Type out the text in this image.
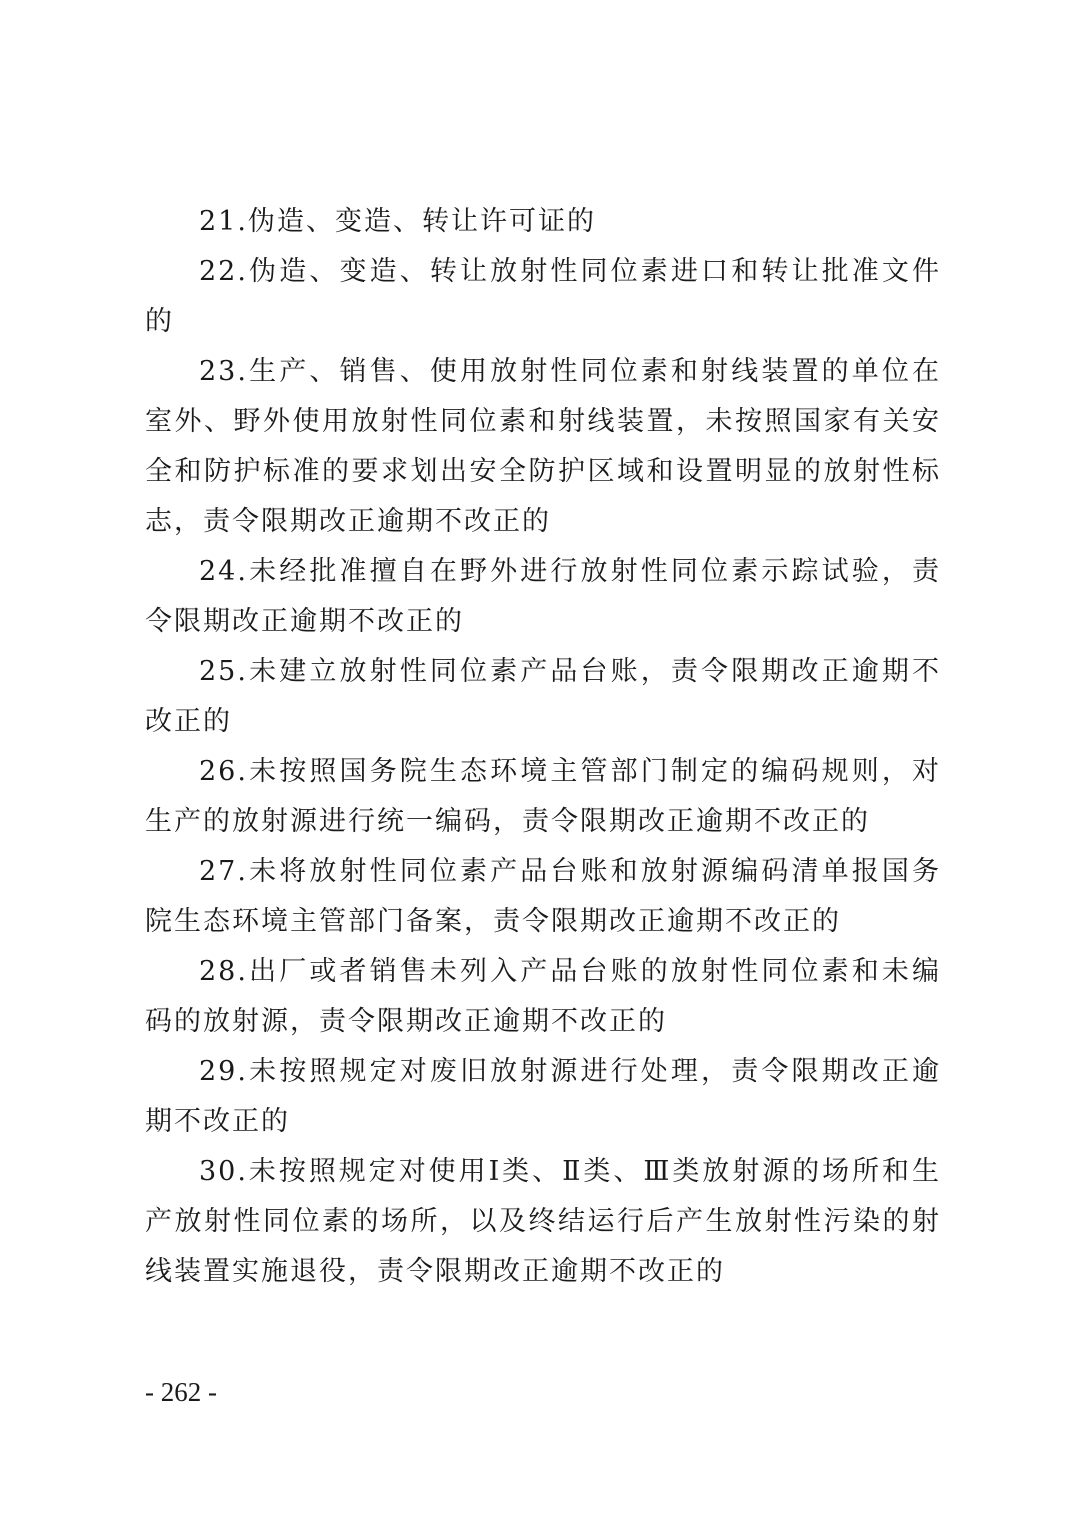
21.伪造、变造、转让许可证的

22.伪造、变造、转让放射性同位素进口和转让批准文件的

23.生产、销售、使用放射性同位素和射线装置的单位在室外、野外使用放射性同位素和射线装置，未按照国家有关安全和防护标准的要求划出安全防护区域和设置明显的放射性标志，责令限期改正逾期不改正的

24.未经批准擅自在野外进行放射性同位素示踪试验，责令限期改正逾期不改正的

25.未建立放射性同位素产品台账，责令限期改正逾期不改正的

26.未按照国务院生态环境主管部门制定的编码规则，对生产的放射源进行统一编码，责令限期改正逾期不改正的

27.未将放射性同位素产品台账和放射源编码清单报国务院生态环境主管部门备案，责令限期改正逾期不改正的

28.出厂或者销售未列入产品台账的放射性同位素和未编码的放射源，责令限期改正逾期不改正的

29.未按照规定对废旧放射源进行处理，责令限期改正逾期不改正的

30.未按照规定对使用Ⅰ类、Ⅱ类、Ⅲ类放射源的场所和生产放射性同位素的场所，以及终结运行后产生放射性污染的射线装置实施退役，责令限期改正逾期不改正的

- 262 -
